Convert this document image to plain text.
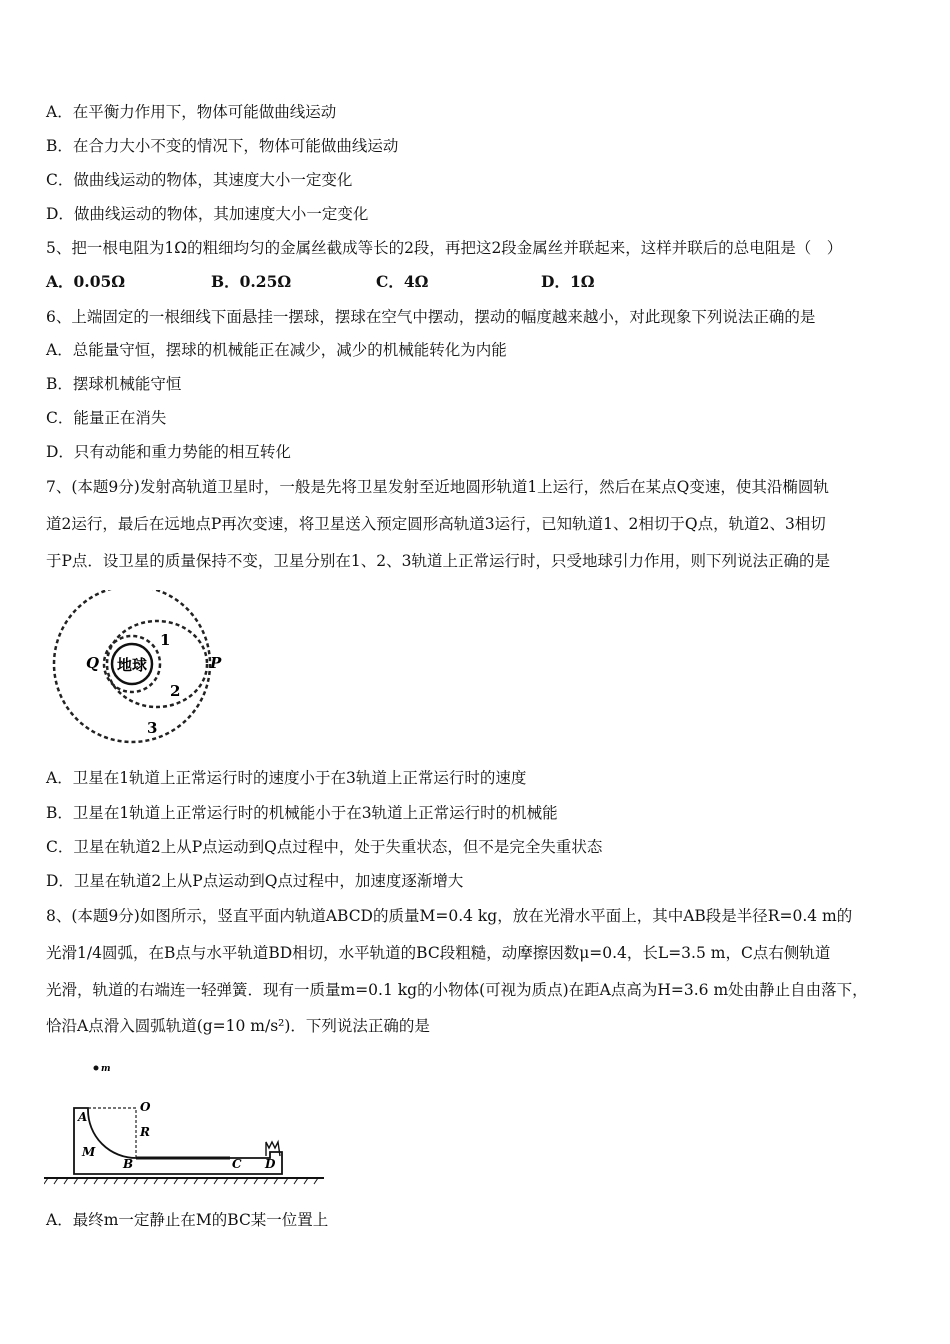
A．在平衡力作用下，物体可能做曲线运动
B．在合力大小不变的情况下，物体可能做曲线运动
C．做曲线运动的物体，其速度大小一定变化
D．做曲线运动的物体，其加速度大小一定变化
5、把一根电阻为1Ω的粗细均匀的金属丝截成等长的2段，再把这2段金属丝并联起来，这样并联后的总电阻是（　）
A．0.05Ω	B．0.25Ω	C．4Ω	D．1Ω
6、上端固定的一根细线下面悬挂一摆球，摆球在空气中摆动，摆动的幅度越来越小，对此现象下列说法正确的是
A．总能量守恒，摆球的机械能正在减少，减少的机械能转化为内能
B．摆球机械能守恒
C．能量正在消失
D．只有动能和重力势能的相互转化
7、(本题9分)发射高轨道卫星时，一般是先将卫星发射至近地圆形轨道1上运行，然后在某点Q变速，使其沿椭圆轨
道2运行，最后在远地点P再次变速，将卫星送入预定圆形高轨道3运行，已知轨道1、2相切于Q点，轨道2、3相切
于P点．设卫星的质量保持不变，卫星分别在1、2、3轨道上正常运行时，只受地球引力作用，则下列说法正确的是
地球
Q	P
1
2
3
A．卫星在1轨道上正常运行时的速度小于在3轨道上正常运行时的速度
B．卫星在1轨道上正常运行时的机械能小于在3轨道上正常运行时的机械能
C．卫星在轨道2上从P点运动到Q点过程中，处于失重状态，但不是完全失重状态
D．卫星在轨道2上从P点运动到Q点过程中，加速度逐渐增大
8、(本题9分)如图所示，竖直平面内轨道ABCD的质量M=0.4 kg，放在光滑水平面上，其中AB段是半径R=0.4 m的
光滑1/4圆弧，在B点与水平轨道BD相切，水平轨道的BC段粗糙，动摩擦因数μ=0.4，长L=3.5 m，C点右侧轨道
光滑，轨道的右端连一轻弹簧．现有一质量m=0.1 kg的小物体(可视为质点)在距A点高为H=3.6 m处由静止自由落下，
恰沿A点滑入圆弧轨道(g=10 m/s²)．下列说法正确的是
m
A
O
R
M
B	C D
A．最终m一定静止在M的BC某一位置上
